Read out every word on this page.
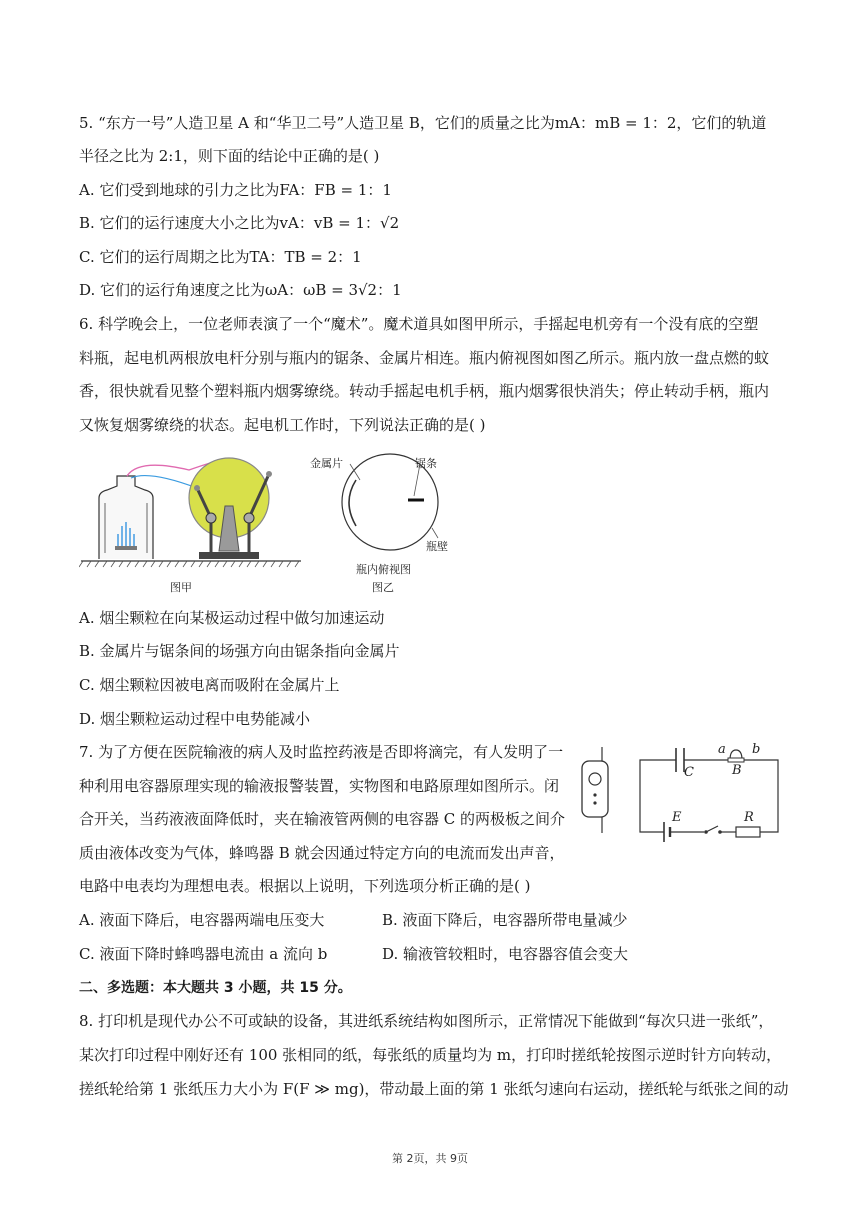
5. “东方一号”人造卫星 A 和“华卫二号”人造卫星 B，它们的质量之比为mA：mB = 1：2，它们的轨道
半径之比为 2:1，则下面的结论中正确的是( )
A. 它们受到地球的引力之比为FA：FB = 1：1
B. 它们的运行速度大小之比为vA：vB = 1：√2
C. 它们的运行周期之比为TA：TB = 2：1
D. 它们的运行角速度之比为ωA：ωB = 3√2：1
6. 科学晚会上，一位老师表演了一个“魔术”。魔术道具如图甲所示，手摇起电机旁有一个没有底的空塑
料瓶，起电机两根放电杆分别与瓶内的锯条、金属片相连。瓶内俯视图如图乙所示。瓶内放一盘点燃的蚊
香，很快就看见整个塑料瓶内烟雾缭绕。转动手摇起电机手柄，瓶内烟雾很快消失；停止转动手柄，瓶内
又恢复烟雾缭绕的状态。起电机工作时，下列说法正确的是( )
图甲
金属片	锯条
瓶壁
瓶内俯视图
图乙
A. 烟尘颗粒在向某极运动过程中做匀加速运动
B. 金属片与锯条间的场强方向由锯条指向金属片
C. 烟尘颗粒因被电离而吸附在金属片上
D. 烟尘颗粒运动过程中电势能减小
7. 为了方便在医院输液的病人及时监控药液是否即将滴完，有人发明了一
种利用电容器原理实现的输液报警装置，实物图和电路原理如图所示。闭
合开关，当药液液面降低时，夹在输液管两侧的电容器 C 的两极板之间介
质由液体改变为气体，蜂鸣器 B 就会因通过特定方向的电流而发出声音，
电路中电表均为理想电表。根据以上说明，下列选项分析正确的是( )
a b
B
C
E	R
A. 液面下降后，电容器两端电压变大	B. 液面下降后，电容器所带电量减少
C. 液面下降时蜂鸣器电流由 a 流向 b	D. 输液管较粗时，电容器容值会变大
二、多选题：本大题共 3 小题，共 15 分。
8. 打印机是现代办公不可或缺的设备，其进纸系统结构如图所示，正常情况下能做到“每次只进一张纸”，
某次打印过程中刚好还有 100 张相同的纸，每张纸的质量均为 m，打印时搓纸轮按图示逆时针方向转动，
搓纸轮给第 1 张纸压力大小为 F(F ≫ mg)，带动最上面的第 1 张纸匀速向右运动，搓纸轮与纸张之间的动
第 2页，共 9页
